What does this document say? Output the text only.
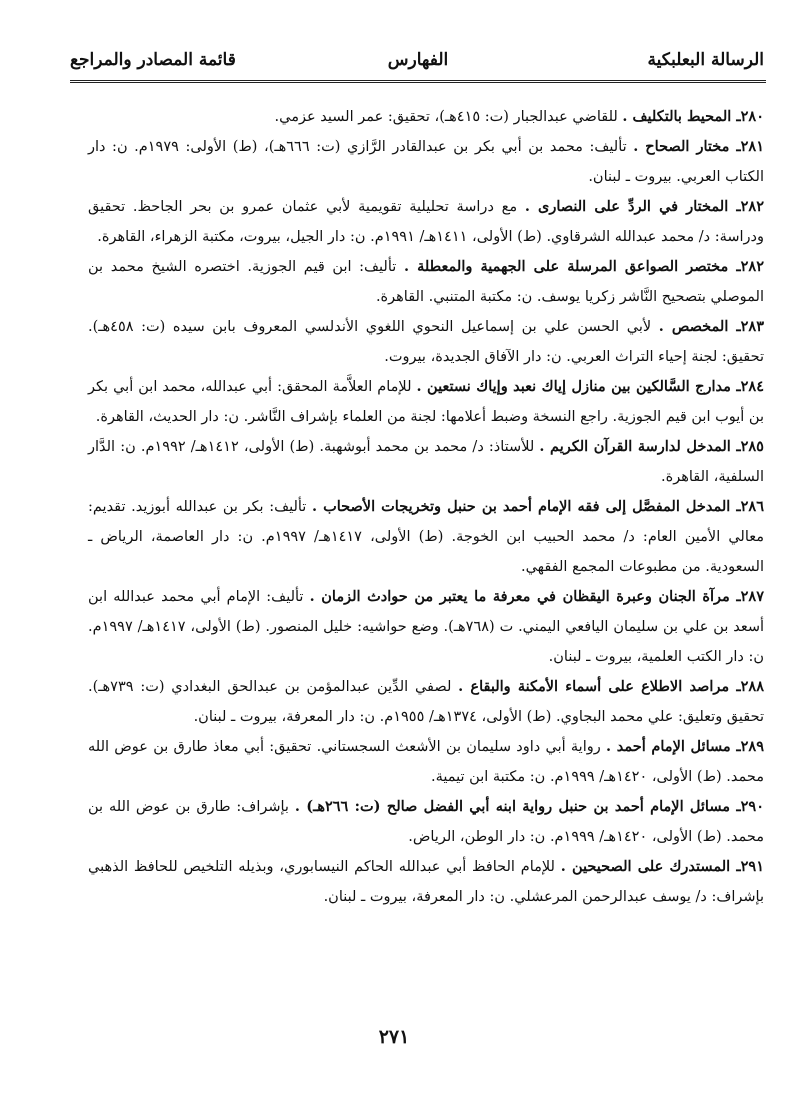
الرسالة البعلبكية
الفهارس
قائمة المصادر والمراجع

٢٨٠ـ المحيط بالتكليف . للقاضي عبدالجبار (ت: ٤١٥هـ)، تحقيق: عمر السيد عزمي.

٢٨١ـ مختار الصحاح . تأليف: محمد بن أبي بكر بن عبدالقادر الرَّازي (ت: ٦٦٦هـ)، (ط) الأولى: ١٩٧٩م. ن: دار الكتاب العربي. بيروت ـ لبنان.

٢٨٢ـ المختار في الردِّ على النصارى . مع دراسة تحليلية تقويمية لأبي عثمان عمرو بن بحر الجاحظ. تحقيق ودراسة: د/ محمد عبدالله الشرقاوي. (ط) الأولى، ١٤١١هـ/ ١٩٩١م. ن: دار الجيل، بيروت، مكتبة الزهراء، القاهرة.

٢٨٢ـ مختصر الصواعق المرسلة على الجهمية والمعطلة . تأليف: ابن قيم الجوزية. اختصره الشيخ محمد بن الموصلي بتصحيح النَّاشر زكريا يوسف. ن: مكتبة المتنبي. القاهرة.

٢٨٣ـ المخصص . لأبي الحسن علي بن إسماعيل النحوي اللغوي الأندلسي المعروف بابن سيده (ت: ٤٥٨هـ). تحقيق: لجنة إحياء التراث العربي. ن: دار الآفاق الجديدة، بيروت.

٢٨٤ـ مدارج السَّالكين بين منازل إياك نعبد وإياك نستعين . للإمام العلاَّمة المحقق: أبي عبدالله، محمد ابن أبي بكر بن أيوب ابن قيم الجوزية. راجع النسخة وضبط أعلامها: لجنة من العلماء بإشراف النَّاشر. ن: دار الحديث، القاهرة.

٢٨٥ـ المدخل لدارسة القرآن الكريم . للأستاذ: د/ محمد بن محمد أبوشهبة. (ط) الأولى، ١٤١٢هـ/ ١٩٩٢م. ن: الدَّار السلفية، القاهرة.

٢٨٦ـ المدخل المفصَّل إلى فقه الإمام أحمد بن حنبل وتخريجات الأصحاب . تأليف: بكر بن عبدالله أبوزيد. تقديم: معالي الأمين العام: د/ محمد الحبيب ابن الخوجة. (ط) الأولى، ١٤١٧هـ/ ١٩٩٧م. ن: دار العاصمة، الرياض ـ السعودية. من مطبوعات المجمع الفقهي.

٢٨٧ـ مرآة الجنان وعبرة اليقظان في معرفة ما يعتبر من حوادث الزمان . تأليف: الإمام أبي محمد عبدالله ابن أسعد بن علي بن سليمان اليافعي اليمني. ت (٧٦٨هـ). وضع حواشيه: خليل المنصور. (ط) الأولى، ١٤١٧هـ/ ١٩٩٧م. ن: دار الكتب العلمية، بيروت ـ لبنان.

٢٨٨ـ مراصد الاطلاع على أسماء الأمكنة والبقاع . لصفي الدِّين عبدالمؤمن بن عبدالحق البغدادي (ت: ٧٣٩هـ). تحقيق وتعليق: علي محمد البجاوي. (ط) الأولى، ١٣٧٤هـ/ ١٩٥٥م. ن: دار المعرفة، بيروت ـ لبنان.

٢٨٩ـ مسائل الإمام أحمد . رواية أبي داود سليمان بن الأشعث السجستاني. تحقيق: أبي معاذ طارق بن عوض الله محمد. (ط) الأولى، ١٤٢٠هـ/ ١٩٩٩م. ن: مكتبة ابن تيمية.

٢٩٠ـ مسائل الإمام أحمد بن حنبل رواية ابنه أبي الفضل صالح (ت: ٢٦٦هـ) . بإشراف: طارق بن عوض الله بن محمد. (ط) الأولى، ١٤٢٠هـ/ ١٩٩٩م. ن: دار الوطن، الرياض.

٢٩١ـ المستدرك على الصحيحين . للإمام الحافظ أبي عبدالله الحاكم النيسابوري، وبذيله التلخيص للحافظ الذهبي بإشراف: د/ يوسف عبدالرحمن المرعشلي. ن: دار المعرفة، بيروت ـ لبنان.

٢٧١
